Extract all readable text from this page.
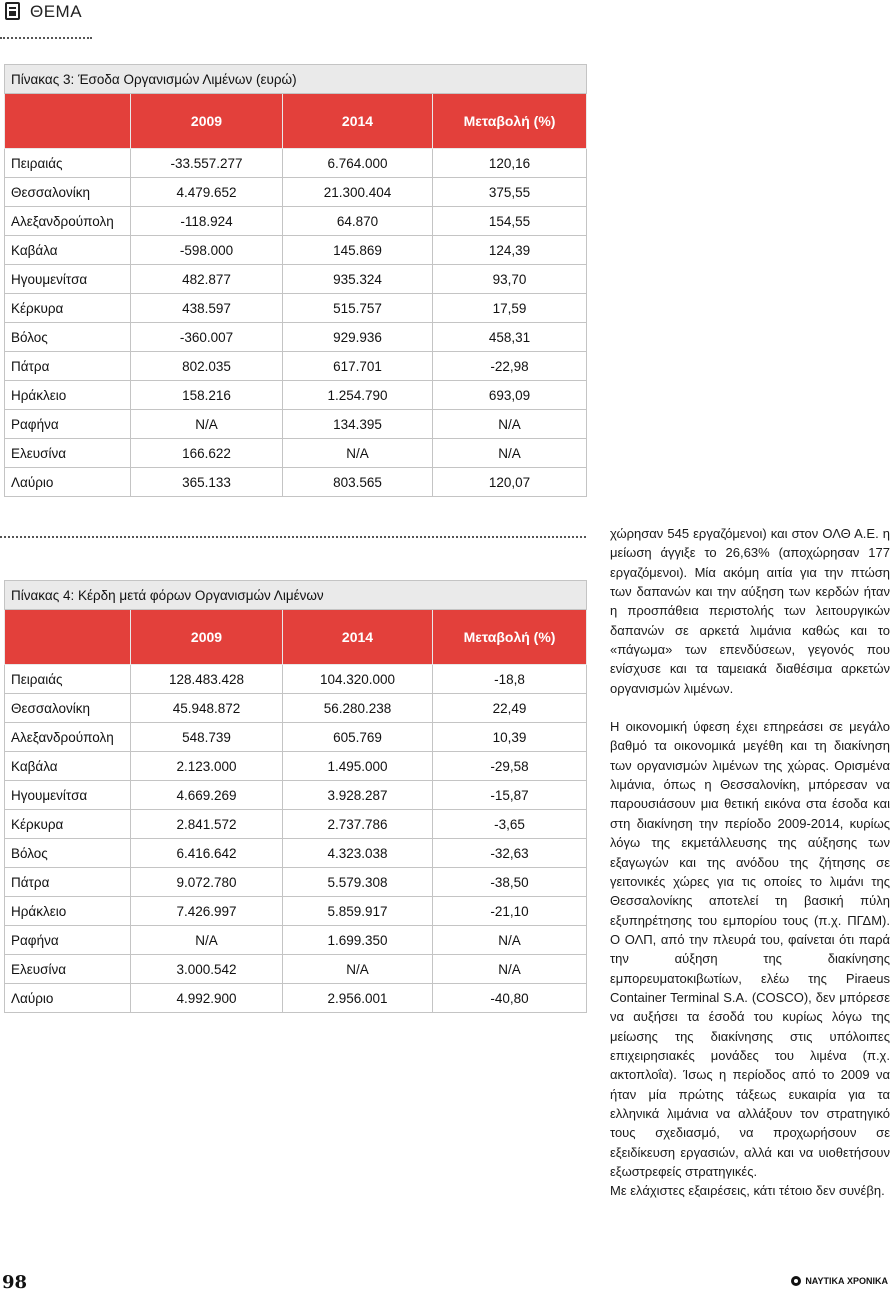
ΘΕΜΑ
Πίνακας 3: Έσοδα Οργανισμών Λιμένων (ευρώ)			
	2009	2014	Μεταβολή (%)
Πειραιάς	-33.557.277	6.764.000	120,16
Θεσσαλονίκη	4.479.652	21.300.404	375,55
Αλεξανδρούπολη	-118.924	64.870	154,55
Καβάλα	-598.000	145.869	124,39
Ηγουμενίτσα	482.877	935.324	93,70
Κέρκυρα	438.597	515.757	17,59
Βόλος	-360.007	929.936	458,31
Πάτρα	802.035	617.701	-22,98
Ηράκλειο	158.216	1.254.790	693,09
Ραφήνα	N/A	134.395	N/A
Ελευσίνα	166.622	N/A	N/A
Λαύριο	365.133	803.565	120,07
Πίνακας 4: Κέρδη μετά φόρων Οργανισμών Λιμένων			
	2009	2014	Μεταβολή (%)
Πειραιάς	128.483.428	104.320.000	-18,8
Θεσσαλονίκη	45.948.872	56.280.238	22,49
Αλεξανδρούπολη	548.739	605.769	10,39
Καβάλα	2.123.000	1.495.000	-29,58
Ηγουμενίτσα	4.669.269	3.928.287	-15,87
Κέρκυρα	2.841.572	2.737.786	-3,65
Βόλος	6.416.642	4.323.038	-32,63
Πάτρα	9.072.780	5.579.308	-38,50
Ηράκλειο	7.426.997	5.859.917	-21,10
Ραφήνα	N/A	1.699.350	N/A
Ελευσίνα	3.000.542	N/A	N/A
Λαύριο	4.992.900	2.956.001	-40,80

χώρησαν 545 εργαζόμενοι) και στον ΟΛΘ Α.Ε. η μείωση άγγιξε το 26,63% (αποχώρησαν 177 εργαζόμενοι). Μία ακόμη αιτία για την πτώση των δαπανών και την αύξηση των κερδών ήταν η προσπάθεια περιστολής των λειτουργικών δαπανών σε αρκετά λιμάνια καθώς και το «πάγωμα» των επενδύσεων, γεγονός που ενίσχυσε και τα ταμειακά διαθέσιμα αρκετών οργανισμών λιμένων.

Η οικονομική ύφεση έχει επηρεάσει σε μεγάλο βαθμό τα οικονομικά μεγέθη και τη διακίνηση των οργανισμών λιμένων της χώρας. Ορισμένα λιμάνια, όπως η Θεσσαλονίκη, μπόρεσαν να παρουσιάσουν μια θετική εικόνα στα έσοδα και στη διακίνηση την περίοδο 2009-2014, κυρίως λόγω της εκμετάλλευσης της αύξησης των εξαγωγών και της ανόδου της ζήτησης σε γειτονικές χώρες για τις οποίες το λιμάνι της Θεσσαλονίκης αποτελεί τη βασική πύλη εξυπηρέτησης του εμπορίου τους (π.χ. ΠΓΔΜ). Ο ΟΛΠ, από την πλευρά του, φαίνεται ότι παρά την αύξηση της διακίνησης εμπορευματοκιβωτίων, ελέω της Piraeus Container Terminal S.A. (COSCO), δεν μπόρεσε να αυξήσει τα έσοδά του κυρίως λόγω της μείωσης της διακίνησης στις υπόλοιπες επιχειρησιακές μονάδες του λιμένα (π.χ. ακτοπλοΐα). Ίσως η περίοδος από το 2009 να ήταν μία πρώτης τάξεως ευκαιρία για τα ελληνικά λιμάνια να αλλάξουν τον στρατηγικό τους σχεδιασμό, να προχωρήσουν σε εξειδίκευση εργασιών, αλλά και να υιοθετήσουν εξωστρεφείς στρατηγικές.

Με ελάχιστες εξαιρέσεις, κάτι τέτοιο δεν συνέβη.

98	ΝΑΥΤΙΚΑ ΧΡΟΝΙΚΑ
